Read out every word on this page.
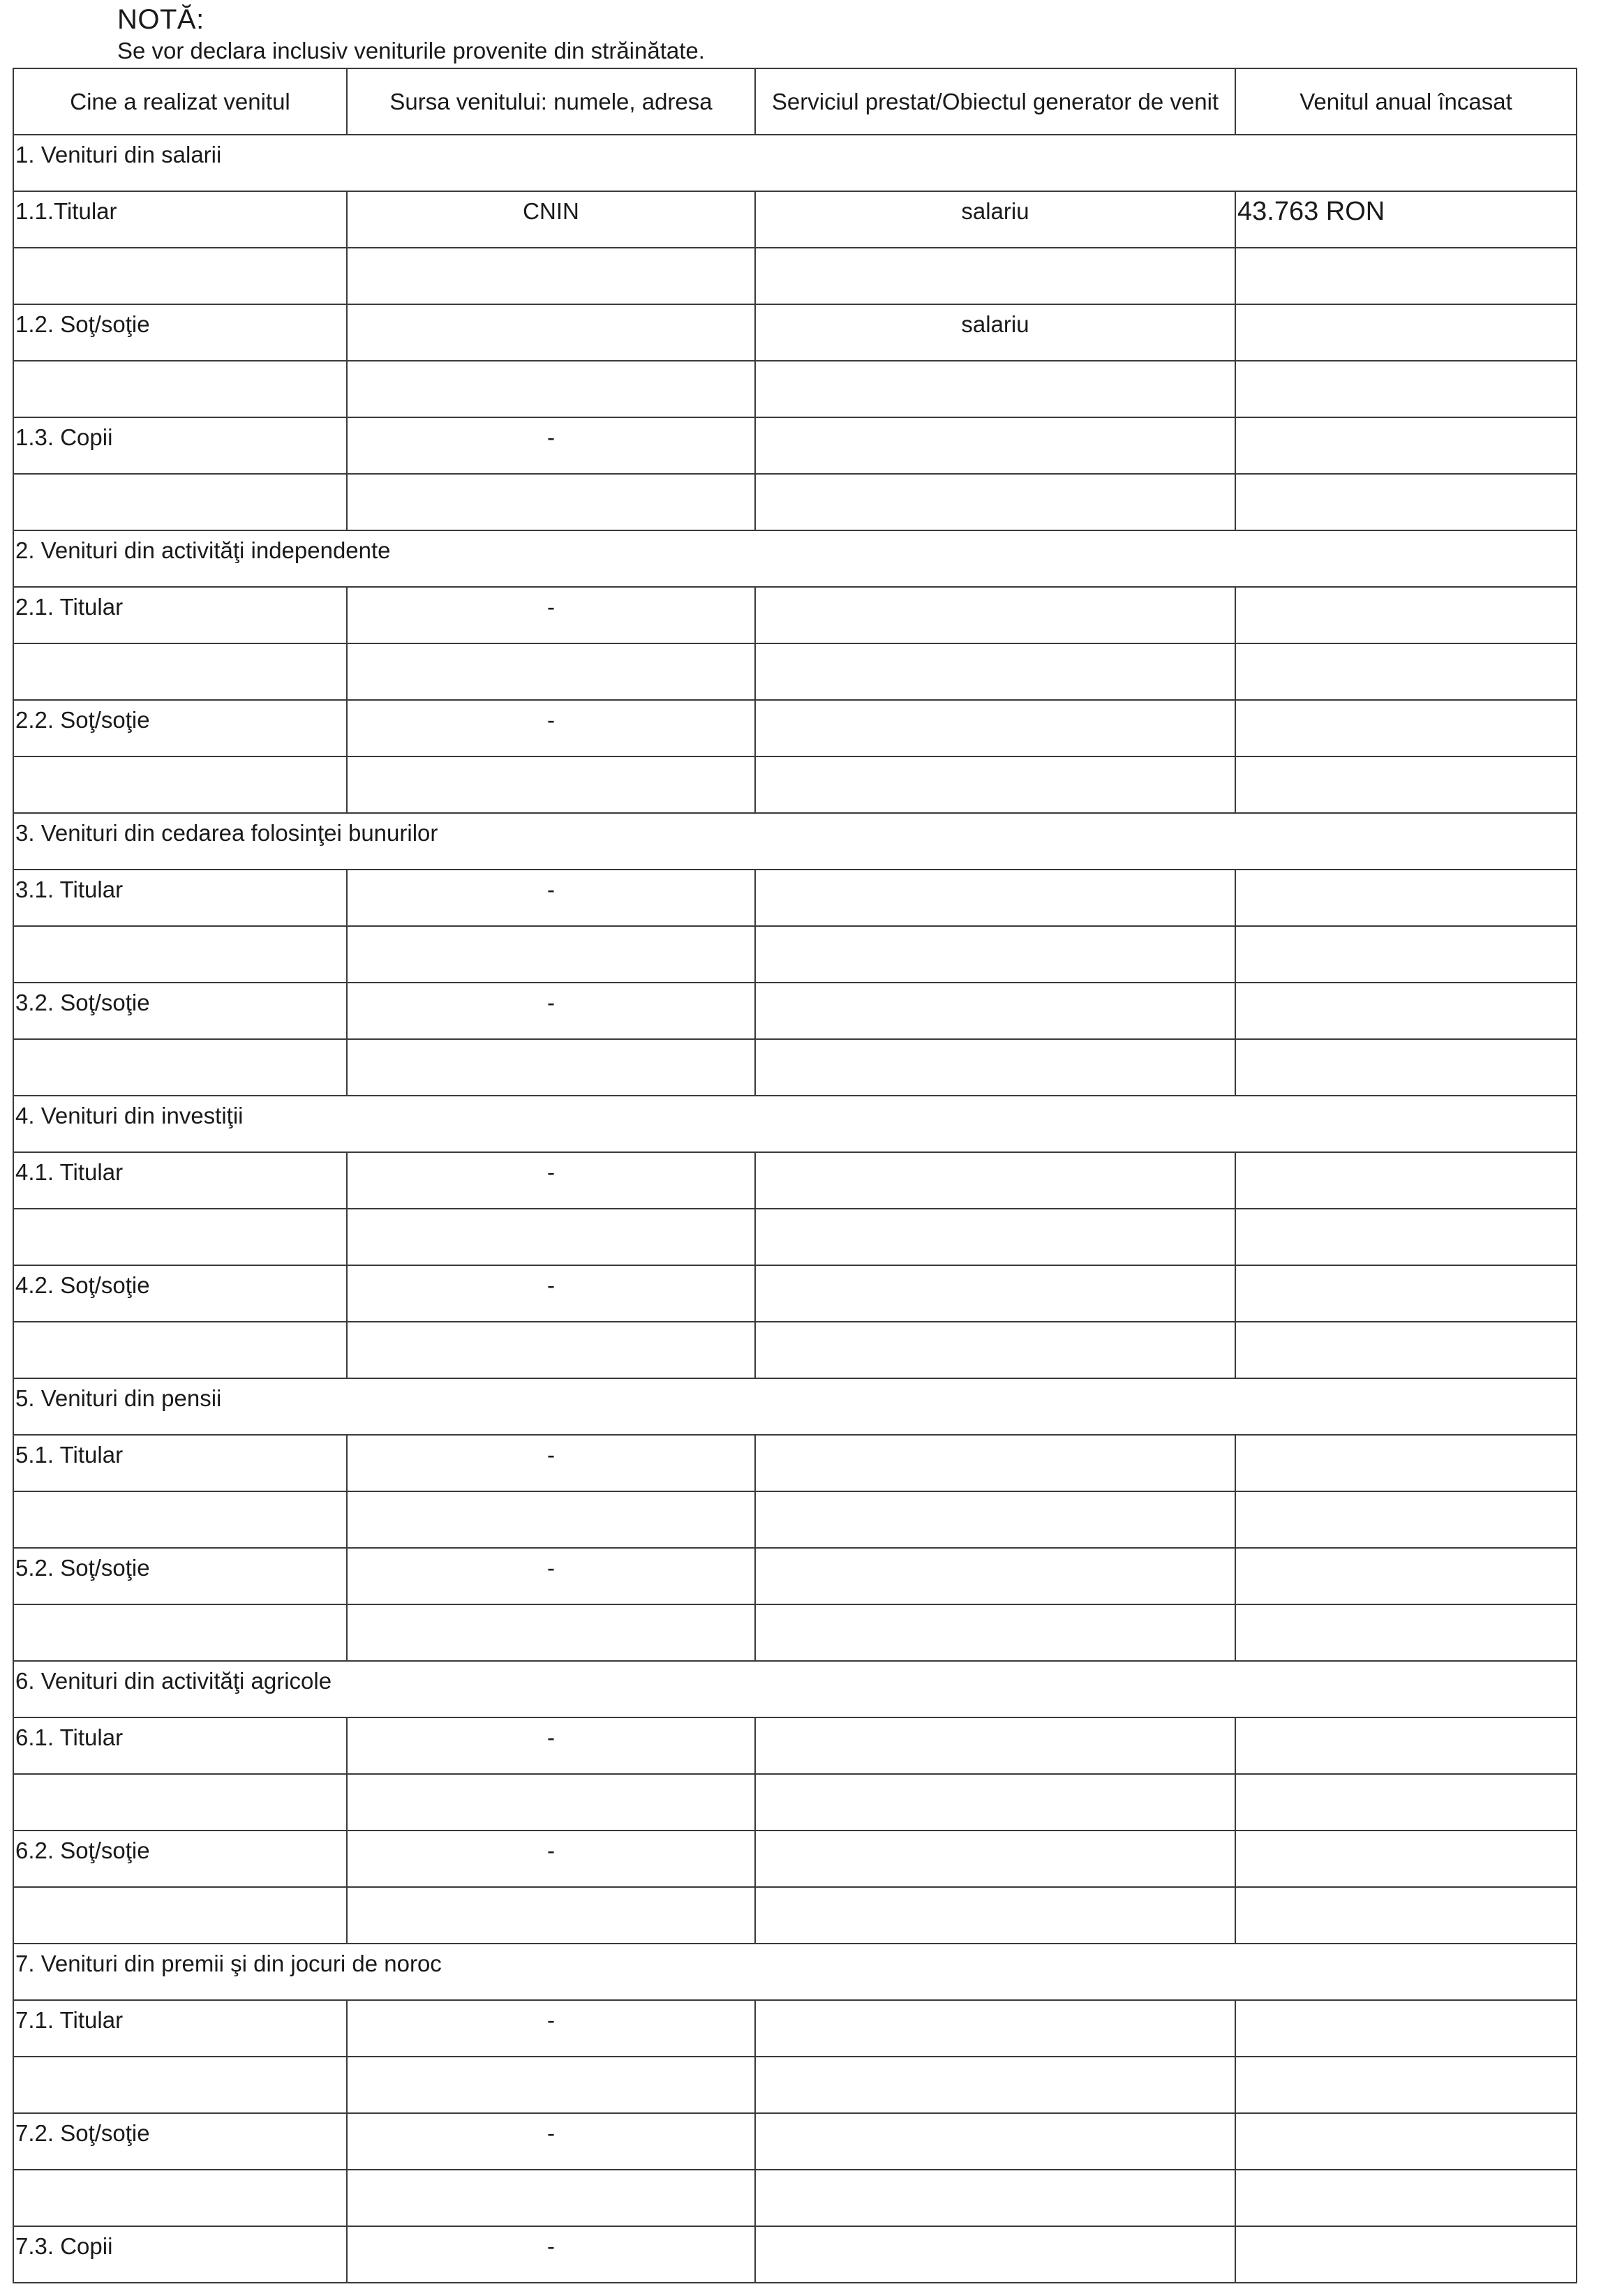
NOTĂ:
Se vor declara inclusiv veniturile provenite din străinătate.
Cine a realizat venitul	Sursa venitului: numele, adresa	Serviciul prestat/Obiectul generator de venit	Venitul anual încasat

1. Venituri din salarii			

1.1.Titular	CNIN	salariu	43.763 RON

1.2. Soţ/soţie		salariu	

1.3. Copii	-		

2. Venituri din activităţi independente			

2.1. Titular	-		

2.2. Soţ/soţie	-		

3. Venituri din cedarea folosinţei bunurilor			

3.1. Titular	-		

3.2. Soţ/soţie	-		

4. Venituri din investiţii			

4.1. Titular	-		

4.2. Soţ/soţie	-		

5. Venituri din pensii			

5.1. Titular	-		

5.2. Soţ/soţie	-		

6. Venituri din activităţi agricole			

6.1. Titular	-		

6.2. Soţ/soţie	-		

7. Venituri din premii şi din jocuri de noroc			

7.1. Titular	-		

7.2. Soţ/soţie	-		

7.3. Copii	-		
